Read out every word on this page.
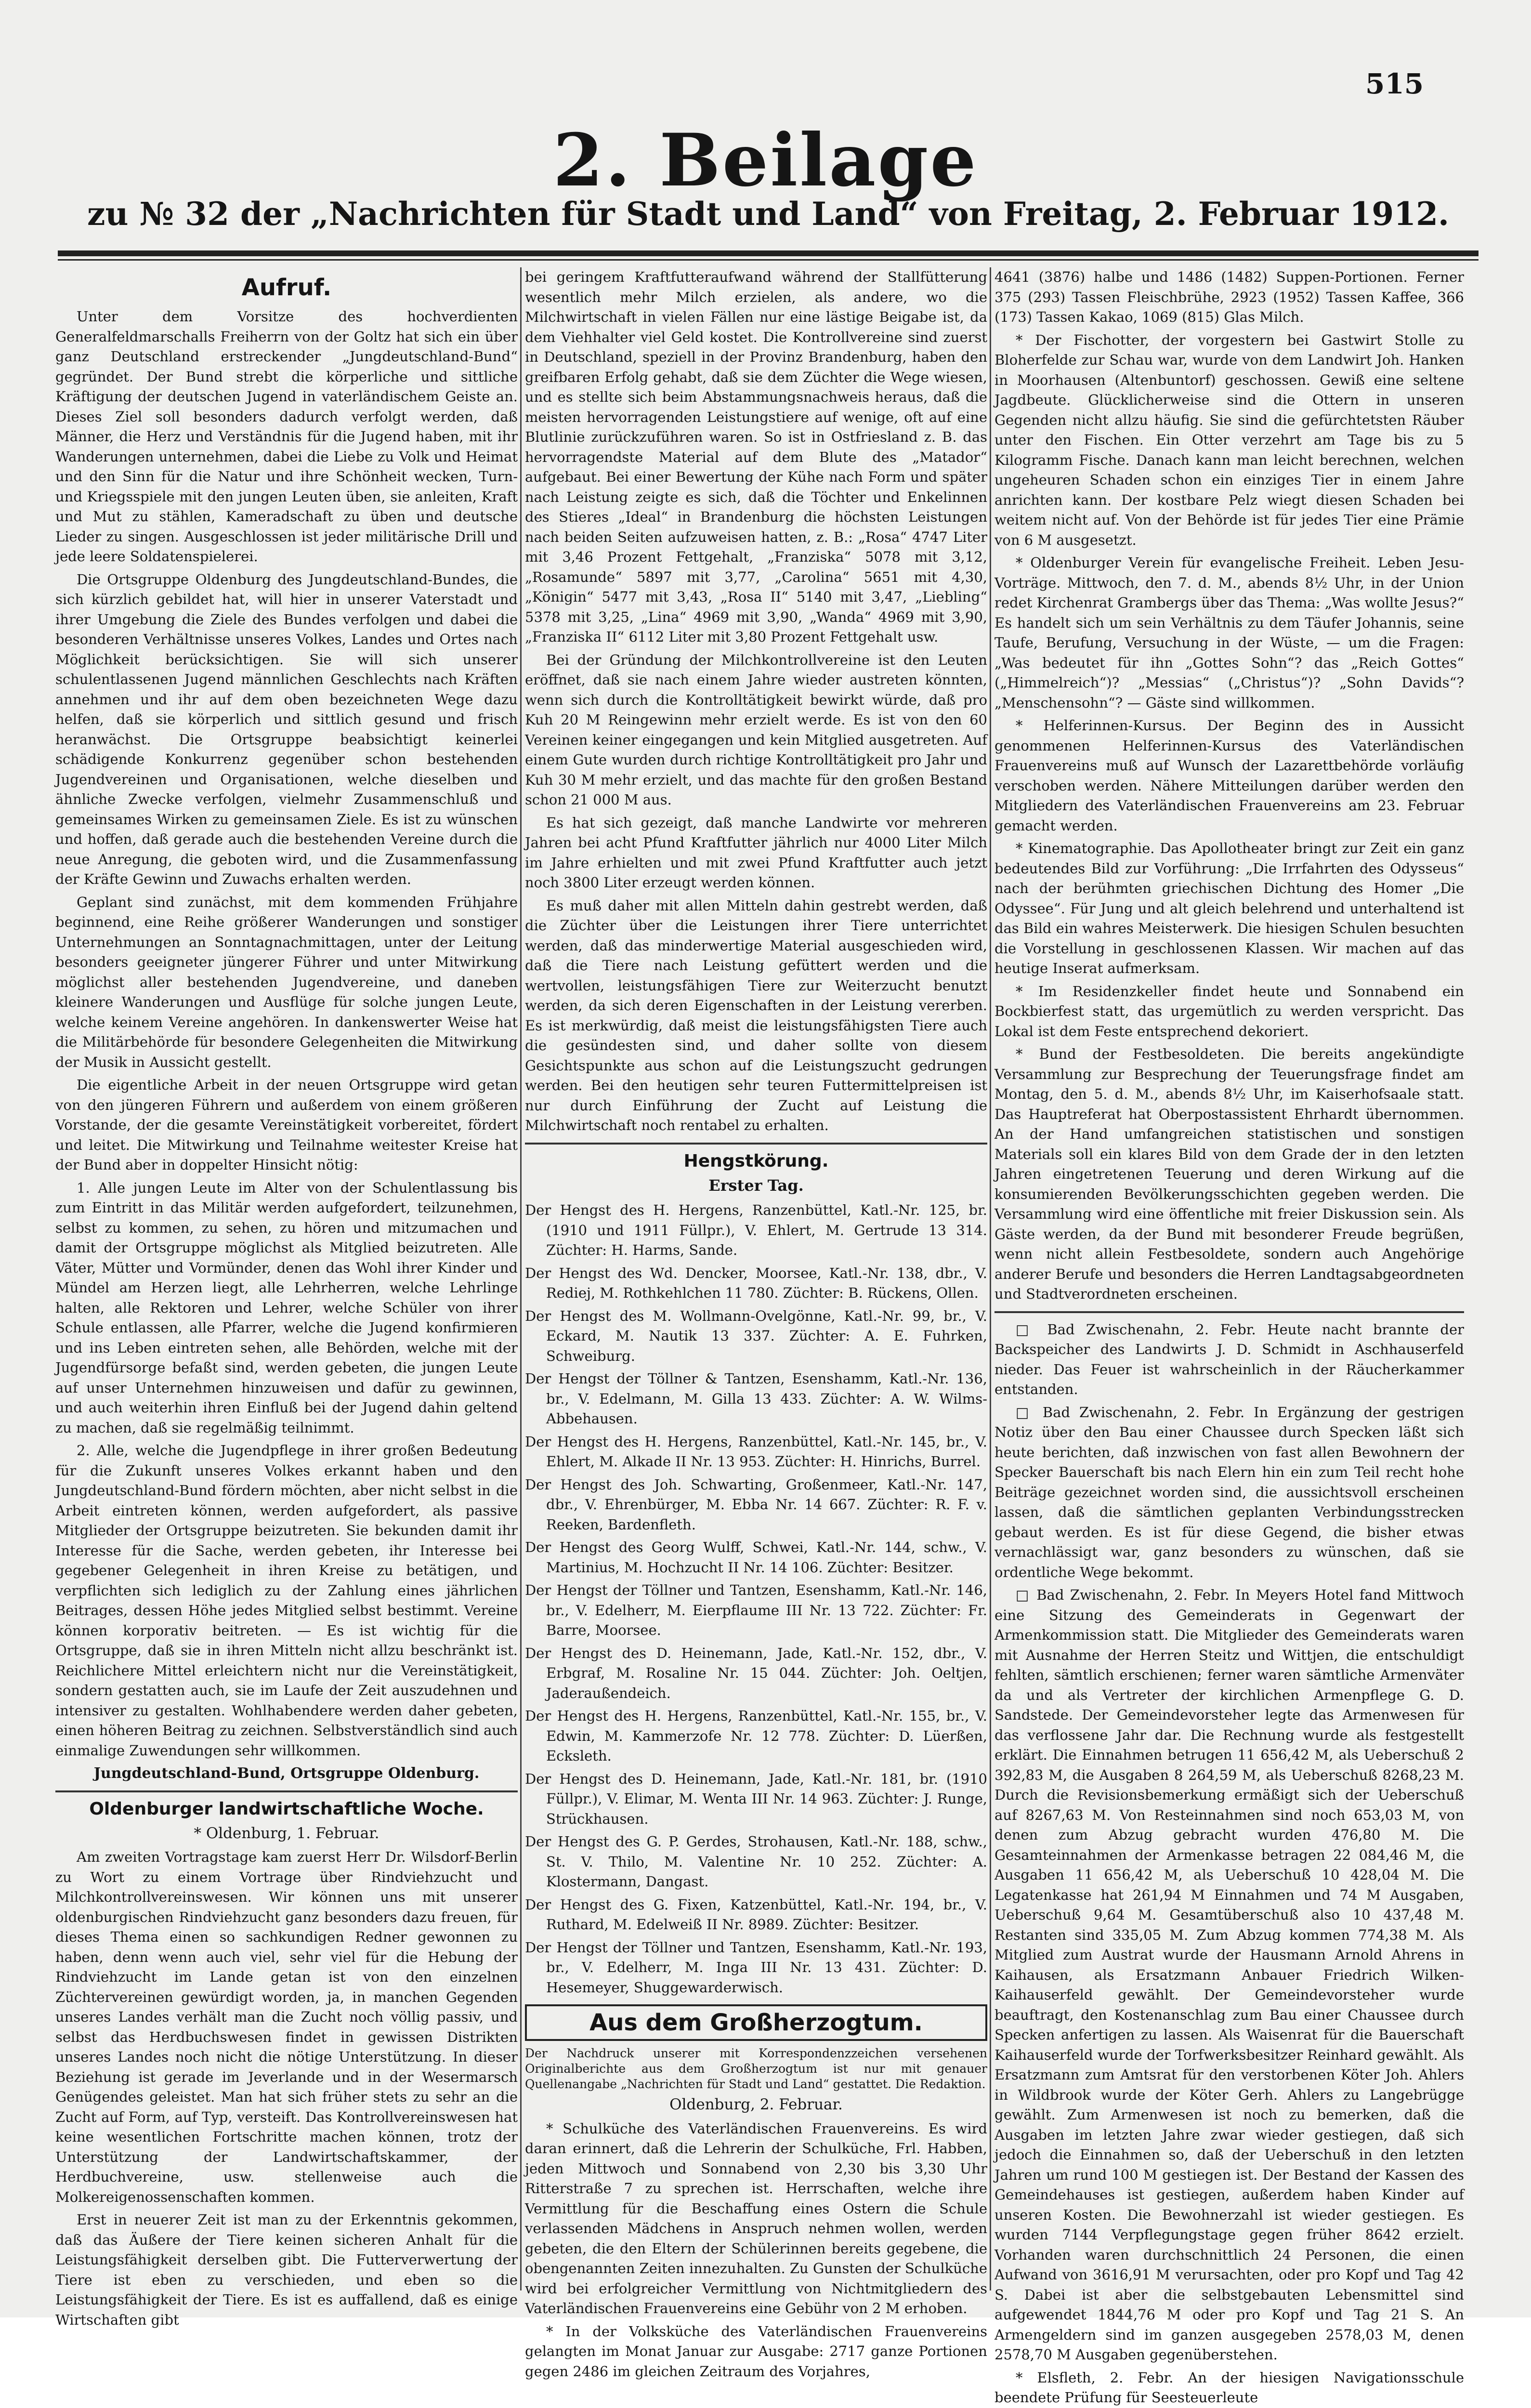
515
2. Beilage
zu № 32 der „Nachrichten für Stadt und Land“ von Freitag, 2. Februar 1912.
Aufruf.

Unter dem Vorsitze des hochverdienten Generalfeldmarschalls Freiherrn von der Goltz hat sich ein über ganz Deutschland erstreckender „Jungdeutschland-Bund“ gegründet. Der Bund strebt die körperliche und sittliche Kräftigung der deutschen Jugend in vaterländischem Geiste an. Dieses Ziel soll besonders dadurch verfolgt werden, daß Männer, die Herz und Verständnis für die Jugend haben, mit ihr Wanderungen unternehmen, dabei die Liebe zu Volk und Heimat und den Sinn für die Natur und ihre Schönheit wecken, Turn- und Kriegsspiele mit den jungen Leuten üben, sie anleiten, Kraft und Mut zu stählen, Kameradschaft zu üben und deutsche Lieder zu singen. Ausgeschlossen ist jeder militärische Drill und jede leere Soldatenspielerei.

Die Ortsgruppe Oldenburg des Jungdeutschland-Bundes, die sich kürzlich gebildet hat, will hier in unserer Vaterstadt und ihrer Umgebung die Ziele des Bundes verfolgen und dabei die besonderen Verhältnisse unseres Volkes, Landes und Ortes nach Möglichkeit berücksichtigen. Sie will sich unserer schulentlassenen Jugend männlichen Geschlechts nach Kräften annehmen und ihr auf dem oben bezeichneten Wege dazu helfen, daß sie körperlich und sittlich gesund und frisch heranwächst. Die Ortsgruppe beabsichtigt keinerlei schädigende Konkurrenz gegenüber schon bestehenden Jugendvereinen und Organisationen, welche dieselben und ähnliche Zwecke verfolgen, vielmehr Zusammenschluß und gemeinsames Wirken zu gemeinsamen Ziele. Es ist zu wünschen und hoffen, daß gerade auch die bestehenden Vereine durch die neue Anregung, die geboten wird, und die Zusammenfassung der Kräfte Gewinn und Zuwachs erhalten werden.

Geplant sind zunächst, mit dem kommenden Frühjahre beginnend, eine Reihe größerer Wanderungen und sonstiger Unternehmungen an Sonntagnachmittagen, unter der Leitung besonders geeigneter jüngerer Führer und unter Mitwirkung möglichst aller bestehenden Jugendvereine, und daneben kleinere Wanderungen und Ausflüge für solche jungen Leute, welche keinem Vereine angehören. In dankenswerter Weise hat die Militärbehörde für besondere Gelegenheiten die Mitwirkung der Musik in Aussicht gestellt.

Die eigentliche Arbeit in der neuen Ortsgruppe wird getan von den jüngeren Führern und außerdem von einem größeren Vorstande, der die gesamte Vereinstätigkeit vorbereitet, fördert und leitet. Die Mitwirkung und Teilnahme weitester Kreise hat der Bund aber in doppelter Hinsicht nötig:

1. Alle jungen Leute im Alter von der Schulentlassung bis zum Eintritt in das Militär werden aufgefordert, teilzunehmen, selbst zu kommen, zu sehen, zu hören und mitzumachen und damit der Ortsgruppe möglichst als Mitglied beizutreten. Alle Väter, Mütter und Vormünder, denen das Wohl ihrer Kinder und Mündel am Herzen liegt, alle Lehrherren, welche Lehrlinge halten, alle Rektoren und Lehrer, welche Schüler von ihrer Schule entlassen, alle Pfarrer, welche die Jugend konfirmieren und ins Leben eintreten sehen, alle Behörden, welche mit der Jugendfürsorge befaßt sind, werden gebeten, die jungen Leute auf unser Unternehmen hinzuweisen und dafür zu gewinnen, und auch weiterhin ihren Einfluß bei der Jugend dahin geltend zu machen, daß sie regelmäßig teilnimmt.

2. Alle, welche die Jugendpflege in ihrer großen Bedeutung für die Zukunft unseres Volkes erkannt haben und den Jungdeutschland-Bund fördern möchten, aber nicht selbst in die Arbeit eintreten können, werden aufgefordert, als passive Mitglieder der Ortsgruppe beizutreten. Sie bekunden damit ihr Interesse für die Sache, werden gebeten, ihr Interesse bei gegebener Gelegenheit in ihren Kreise zu betätigen, und verpflichten sich lediglich zu der Zahlung eines jährlichen Beitrages, dessen Höhe jedes Mitglied selbst bestimmt. Vereine können korporativ beitreten. — Es ist wichtig für die Ortsgruppe, daß sie in ihren Mitteln nicht allzu beschränkt ist. Reichlichere Mittel erleichtern nicht nur die Vereinstätigkeit, sondern gestatten auch, sie im Laufe der Zeit auszudehnen und intensiver zu gestalten. Wohlhabendere werden daher gebeten, einen höheren Beitrag zu zeichnen. Selbstverständlich sind auch einmalige Zuwendungen sehr willkommen.

Jungdeutschland-Bund, Ortsgruppe Oldenburg.

Oldenburger landwirtschaftliche Woche.

* Oldenburg, 1. Februar.

Am zweiten Vortragstage kam zuerst Herr Dr. Wilsdorf-Berlin zu Wort zu einem Vortrage über Rindviehzucht und Milchkontrollvereinswesen. Wir können uns mit unserer oldenburgischen Rindviehzucht ganz besonders dazu freuen, für dieses Thema einen so sachkundigen Redner gewonnen zu haben, denn wenn auch viel, sehr viel für die Hebung der Rindviehzucht im Lande getan ist von den einzelnen Züchtervereinen gewürdigt worden, ja, in manchen Gegenden unseres Landes verhält man die Zucht noch völlig passiv, und selbst das Herdbuchswesen findet in gewissen Distrikten unseres Landes noch nicht die nötige Unterstützung. In dieser Beziehung ist gerade im Jeverlande und in der Wesermarsch Genügendes geleistet. Man hat sich früher stets zu sehr an die Zucht auf Form, auf Typ, versteift. Das Kontrollvereinswesen hat keine wesentlichen Fortschritte machen können, trotz der Unterstützung der Landwirtschaftskammer, der Herdbuchvereine, usw. stellenweise auch die Molkereigenossenschaften kommen.

Erst in neuerer Zeit ist man zu der Erkenntnis gekommen, daß das Äußere der Tiere keinen sicheren Anhalt für die Leistungsfähigkeit derselben gibt. Die Futterverwertung der Tiere ist eben zu verschieden, und eben so die Leistungsfähigkeit der Tiere. Es ist es auffallend, daß es einige Wirtschaften gibt

bei geringem Kraftfutteraufwand während der Stallfütterung wesentlich mehr Milch erzielen, als andere, wo die Milchwirtschaft in vielen Fällen nur eine lästige Beigabe ist, da dem Viehhalter viel Geld kostet. Die Kontrollvereine sind zuerst in Deutschland, speziell in der Provinz Brandenburg, haben den greifbaren Erfolg gehabt, daß sie dem Züchter die Wege wiesen, und es stellte sich beim Abstammungsnachweis heraus, daß die meisten hervorragenden Leistungstiere auf wenige, oft auf eine Blutlinie zurückzuführen waren. So ist in Ostfriesland z. B. das hervorragendste Material auf dem Blute des „Matador“ aufgebaut. Bei einer Bewertung der Kühe nach Form und später nach Leistung zeigte es sich, daß die Töchter und Enkelinnen des Stieres „Ideal“ in Brandenburg die höchsten Leistungen nach beiden Seiten aufzuweisen hatten, z. B.: „Rosa“ 4747 Liter mit 3,46 Prozent Fettgehalt, „Franziska“ 5078 mit 3,12, „Rosamunde“ 5897 mit 3,77, „Carolina“ 5651 mit 4,30, „Königin“ 5477 mit 3,43, „Rosa II“ 5140 mit 3,47, „Liebling“ 5378 mit 3,25, „Lina“ 4969 mit 3,90, „Wanda“ 4969 mit 3,90, „Franziska II“ 6112 Liter mit 3,80 Prozent Fettgehalt usw.

Bei der Gründung der Milchkontrollvereine ist den Leuten eröffnet, daß sie nach einem Jahre wieder austreten könnten, wenn sich durch die Kontrolltätigkeit bewirkt würde, daß pro Kuh 20 M Reingewinn mehr erzielt werde. Es ist von den 60 Vereinen keiner eingegangen und kein Mitglied ausgetreten. Auf einem Gute wurden durch richtige Kontrolltätigkeit pro Jahr und Kuh 30 M mehr erzielt, und das machte für den großen Bestand schon 21 000 M aus.

Es hat sich gezeigt, daß manche Landwirte vor mehreren Jahren bei acht Pfund Kraftfutter jährlich nur 4000 Liter Milch im Jahre erhielten und mit zwei Pfund Kraftfutter auch jetzt noch 3800 Liter erzeugt werden können.

Es muß daher mit allen Mitteln dahin gestrebt werden, daß die Züchter über die Leistungen ihrer Tiere unterrichtet werden, daß das minderwertige Material ausgeschieden wird, daß die Tiere nach Leistung gefüttert werden und die wertvollen, leistungsfähigen Tiere zur Weiterzucht benutzt werden, da sich deren Eigenschaften in der Leistung vererben. Es ist merkwürdig, daß meist die leistungsfähigsten Tiere auch die gesündesten sind, und daher sollte von diesem Gesichtspunkte aus schon auf die Leistungszucht gedrungen werden. Bei den heutigen sehr teuren Futtermittelpreisen ist nur durch Einführung der Zucht auf Leistung die Milchwirtschaft noch rentabel zu erhalten.

Hengstkörung.

Erster Tag.

Der Hengst des H. Hergens, Ranzenbüttel, Katl.-Nr. 125, br. (1910 und 1911 Füllpr.), V. Ehlert, M. Gertrude 13 314. Züchter: H. Harms, Sande.

Der Hengst des Wd. Dencker, Moorsee, Katl.-Nr. 138, dbr., V. Rediej, M. Rothkehlchen 11 780. Züchter: B. Rückens, Ollen.

Der Hengst des M. Wollmann-Ovelgönne, Katl.-Nr. 99, br., V. Eckard, M. Nautik 13 337. Züchter: A. E. Fuhrken, Schweiburg.

Der Hengst der Töllner & Tantzen, Esenshamm, Katl.-Nr. 136, br., V. Edelmann, M. Gilla 13 433. Züchter: A. W. Wilms-Abbehausen.

Der Hengst des H. Hergens, Ranzenbüttel, Katl.-Nr. 145, br., V. Ehlert, M. Alkade II Nr. 13 953. Züchter: H. Hinrichs, Burrel.

Der Hengst des Joh. Schwarting, Großenmeer, Katl.-Nr. 147, dbr., V. Ehrenbürger, M. Ebba Nr. 14 667. Züchter: R. F. v. Reeken, Bardenfleth.

Der Hengst des Georg Wulff, Schwei, Katl.-Nr. 144, schw., V. Martinius, M. Hochzucht II Nr. 14 106. Züchter: Besitzer.

Der Hengst der Töllner und Tantzen, Esenshamm, Katl.-Nr. 146, br., V. Edelherr, M. Eierpflaume III Nr. 13 722. Züchter: Fr. Barre, Moorsee.

Der Hengst des D. Heinemann, Jade, Katl.-Nr. 152, dbr., V. Erbgraf, M. Rosaline Nr. 15 044. Züchter: Joh. Oeltjen, Jaderaußendeich.

Der Hengst des H. Hergens, Ranzenbüttel, Katl.-Nr. 155, br., V. Edwin, M. Kammerzofe Nr. 12 778. Züchter: D. Lüerßen, Ecksleth.

Der Hengst des D. Heinemann, Jade, Katl.-Nr. 181, br. (1910 Füllpr.), V. Elimar, M. Wenta III Nr. 14 963. Züchter: J. Runge, Strückhausen.

Der Hengst des G. P. Gerdes, Strohausen, Katl.-Nr. 188, schw., St. V. Thilo, M. Valentine Nr. 10 252. Züchter: A. Klostermann, Dangast.

Der Hengst des G. Fixen, Katzenbüttel, Katl.-Nr. 194, br., V. Ruthard, M. Edelweiß II Nr. 8989. Züchter: Besitzer.

Der Hengst der Töllner und Tantzen, Esenshamm, Katl.-Nr. 193, br., V. Edelherr, M. Inga III Nr. 13 431. Züchter: D. Hesemeyer, Shuggewarderwisch.

Aus dem Großherzogtum.

Der Nachdruck unserer mit Korrespondenzzeichen versehenen Originalberichte aus dem Großherzogtum ist nur mit genauer Quellenangabe „Nachrichten für Stadt und Land“ gestattet. Die Redaktion.

Oldenburg, 2. Februar.

* Schulküche des Vaterländischen Frauenvereins. Es wird daran erinnert, daß die Lehrerin der Schulküche, Frl. Habben, jeden Mittwoch und Sonnabend von 2,30 bis 3,30 Uhr Ritterstraße 7 zu sprechen ist. Herrschaften, welche ihre Vermittlung für die Beschaffung eines Ostern die Schule verlassenden Mädchens in Anspruch nehmen wollen, werden gebeten, die den Eltern der Schülerinnen bereits gegebene, die obengenannten Zeiten innezuhalten. Zu Gunsten der Schulküche wird bei erfolgreicher Vermittlung von Nichtmitgliedern des Vaterländischen Frauenvereins eine Gebühr von 2 M erhoben.

* In der Volksküche des Vaterländischen Frauenvereins gelangten im Monat Januar zur Ausgabe: 2717 ganze Portionen gegen 2486 im gleichen Zeitraum des Vorjahres,

4641 (3876) halbe und 1486 (1482) Suppen-Portionen. Ferner 375 (293) Tassen Fleischbrühe, 2923 (1952) Tassen Kaffee, 366 (173) Tassen Kakao, 1069 (815) Glas Milch.

* Der Fischotter, der vorgestern bei Gastwirt Stolle zu Bloherfelde zur Schau war, wurde von dem Landwirt Joh. Hanken in Moorhausen (Altenbuntorf) geschossen. Gewiß eine seltene Jagdbeute. Glücklicherweise sind die Ottern in unseren Gegenden nicht allzu häufig. Sie sind die gefürchtetsten Räuber unter den Fischen. Ein Otter verzehrt am Tage bis zu 5 Kilogramm Fische. Danach kann man leicht berechnen, welchen ungeheuren Schaden schon ein einziges Tier in einem Jahre anrichten kann. Der kostbare Pelz wiegt diesen Schaden bei weitem nicht auf. Von der Behörde ist für jedes Tier eine Prämie von 6 M ausgesetzt.

* Oldenburger Verein für evangelische Freiheit. Leben Jesu-Vorträge. Mittwoch, den 7. d. M., abends 8½ Uhr, in der Union redet Kirchenrat Grambergs über das Thema: „Was wollte Jesus?“ Es handelt sich um sein Verhältnis zu dem Täufer Johannis, seine Taufe, Berufung, Versuchung in der Wüste, — um die Fragen: „Was bedeutet für ihn „Gottes Sohn“? das „Reich Gottes“ („Himmelreich“)? „Messias“ („Christus“)? „Sohn Davids“? „Menschensohn“? — Gäste sind willkommen.

* Helferinnen-Kursus. Der Beginn des in Aussicht genommenen Helferinnen-Kursus des Vaterländischen Frauenvereins muß auf Wunsch der Lazarettbehörde vorläufig verschoben werden. Nähere Mitteilungen darüber werden den Mitgliedern des Vaterländischen Frauenvereins am 23. Februar gemacht werden.

* Kinematographie. Das Apollotheater bringt zur Zeit ein ganz bedeutendes Bild zur Vorführung: „Die Irrfahrten des Odysseus“ nach der berühmten griechischen Dichtung des Homer „Die Odyssee“. Für Jung und alt gleich belehrend und unterhaltend ist das Bild ein wahres Meisterwerk. Die hiesigen Schulen besuchten die Vorstellung in geschlossenen Klassen. Wir machen auf das heutige Inserat aufmerksam.

* Im Residenzkeller findet heute und Sonnabend ein Bockbierfest statt, das urgemütlich zu werden verspricht. Das Lokal ist dem Feste entsprechend dekoriert.

* Bund der Festbesoldeten. Die bereits angekündigte Versammlung zur Besprechung der Teuerungsfrage findet am Montag, den 5. d. M., abends 8½ Uhr, im Kaiserhofsaale statt. Das Hauptreferat hat Oberpostassistent Ehrhardt übernommen. An der Hand umfangreichen statistischen und sonstigen Materials soll ein klares Bild von dem Grade der in den letzten Jahren eingetretenen Teuerung und deren Wirkung auf die konsumierenden Bevölkerungsschichten gegeben werden. Die Versammlung wird eine öffentliche mit freier Diskussion sein. Als Gäste werden, da der Bund mit besonderer Freude begrüßen, wenn nicht allein Festbesoldete, sondern auch Angehörige anderer Berufe und besonders die Herren Landtagsabgeordneten und Stadtverordneten erscheinen.

□ Bad Zwischenahn, 2. Febr. Heute nacht brannte der Backspeicher des Landwirts J. D. Schmidt in Aschhauserfeld nieder. Das Feuer ist wahrscheinlich in der Räucherkammer entstanden.

□ Bad Zwischenahn, 2. Febr. In Ergänzung der gestrigen Notiz über den Bau einer Chaussee durch Specken läßt sich heute berichten, daß inzwischen von fast allen Bewohnern der Specker Bauerschaft bis nach Elern hin ein zum Teil recht hohe Beiträge gezeichnet worden sind, die aussichtsvoll erscheinen lassen, daß die sämtlichen geplanten Verbindungsstrecken gebaut werden. Es ist für diese Gegend, die bisher etwas vernachlässigt war, ganz besonders zu wünschen, daß sie ordentliche Wege bekommt.

□ Bad Zwischenahn, 2. Febr. In Meyers Hotel fand Mittwoch eine Sitzung des Gemeinderats in Gegenwart der Armenkommission statt. Die Mitglieder des Gemeinderats waren mit Ausnahme der Herren Steitz und Wittjen, die entschuldigt fehlten, sämtlich erschienen; ferner waren sämtliche Armenväter da und als Vertreter der kirchlichen Armenpflege G. D. Sandstede. Der Gemeindevorsteher legte das Armenwesen für das verflossene Jahr dar. Die Rechnung wurde als festgestellt erklärt. Die Einnahmen betrugen 11 656,42 M, als Ueberschuß 2 392,83 M, die Ausgaben 8 264,59 M, als Ueberschuß 8268,23 M. Durch die Revisionsbemerkung ermäßigt sich der Ueberschuß auf 8267,63 M. Von Resteinnahmen sind noch 653,03 M, von denen zum Abzug gebracht wurden 476,80 M. Die Gesamteinnahmen der Armenkasse betragen 22 084,46 M, die Ausgaben 11 656,42 M, als Ueberschuß 10 428,04 M. Die Legatenkasse hat 261,94 M Einnahmen und 74 M Ausgaben, Ueberschuß 9,64 M. Gesamtüberschuß also 10 437,48 M. Restanten sind 335,05 M. Zum Abzug kommen 774,38 M. Als Mitglied zum Austrat wurde der Hausmann Arnold Ahrens in Kaihausen, als Ersatzmann Anbauer Friedrich Wilken-Kaihauserfeld gewählt. Der Gemeindevorsteher wurde beauftragt, den Kostenanschlag zum Bau einer Chaussee durch Specken anfertigen zu lassen. Als Waisenrat für die Bauerschaft Kaihauserfeld wurde der Torfwerksbesitzer Reinhard gewählt. Als Ersatzmann zum Amtsrat für den verstorbenen Köter Joh. Ahlers in Wildbrook wurde der Köter Gerh. Ahlers zu Langebrügge gewählt. Zum Armenwesen ist noch zu bemerken, daß die Ausgaben im letzten Jahre zwar wieder gestiegen, daß sich jedoch die Einnahmen so, daß der Ueberschuß in den letzten Jahren um rund 100 M gestiegen ist. Der Bestand der Kassen des Gemeindehauses ist gestiegen, außerdem haben Kinder auf unseren Kosten. Die Bewohnerzahl ist wieder gestiegen. Es wurden 7144 Verpflegungstage gegen früher 8642 erzielt. Vorhanden waren durchschnittlich 24 Personen, die einen Aufwand von 3616,91 M verursachten, oder pro Kopf und Tag 42 S. Dabei ist aber die selbstgebauten Lebensmittel sind aufgewendet 1844,76 M oder pro Kopf und Tag 21 S. An Armengeldern sind im ganzen ausgegeben 2578,03 M, denen 2578,70 M Ausgaben gegenüberstehen.

* Elsfleth, 2. Febr. An der hiesigen Navigationsschule beendete Prüfung für Seesteuerleute
